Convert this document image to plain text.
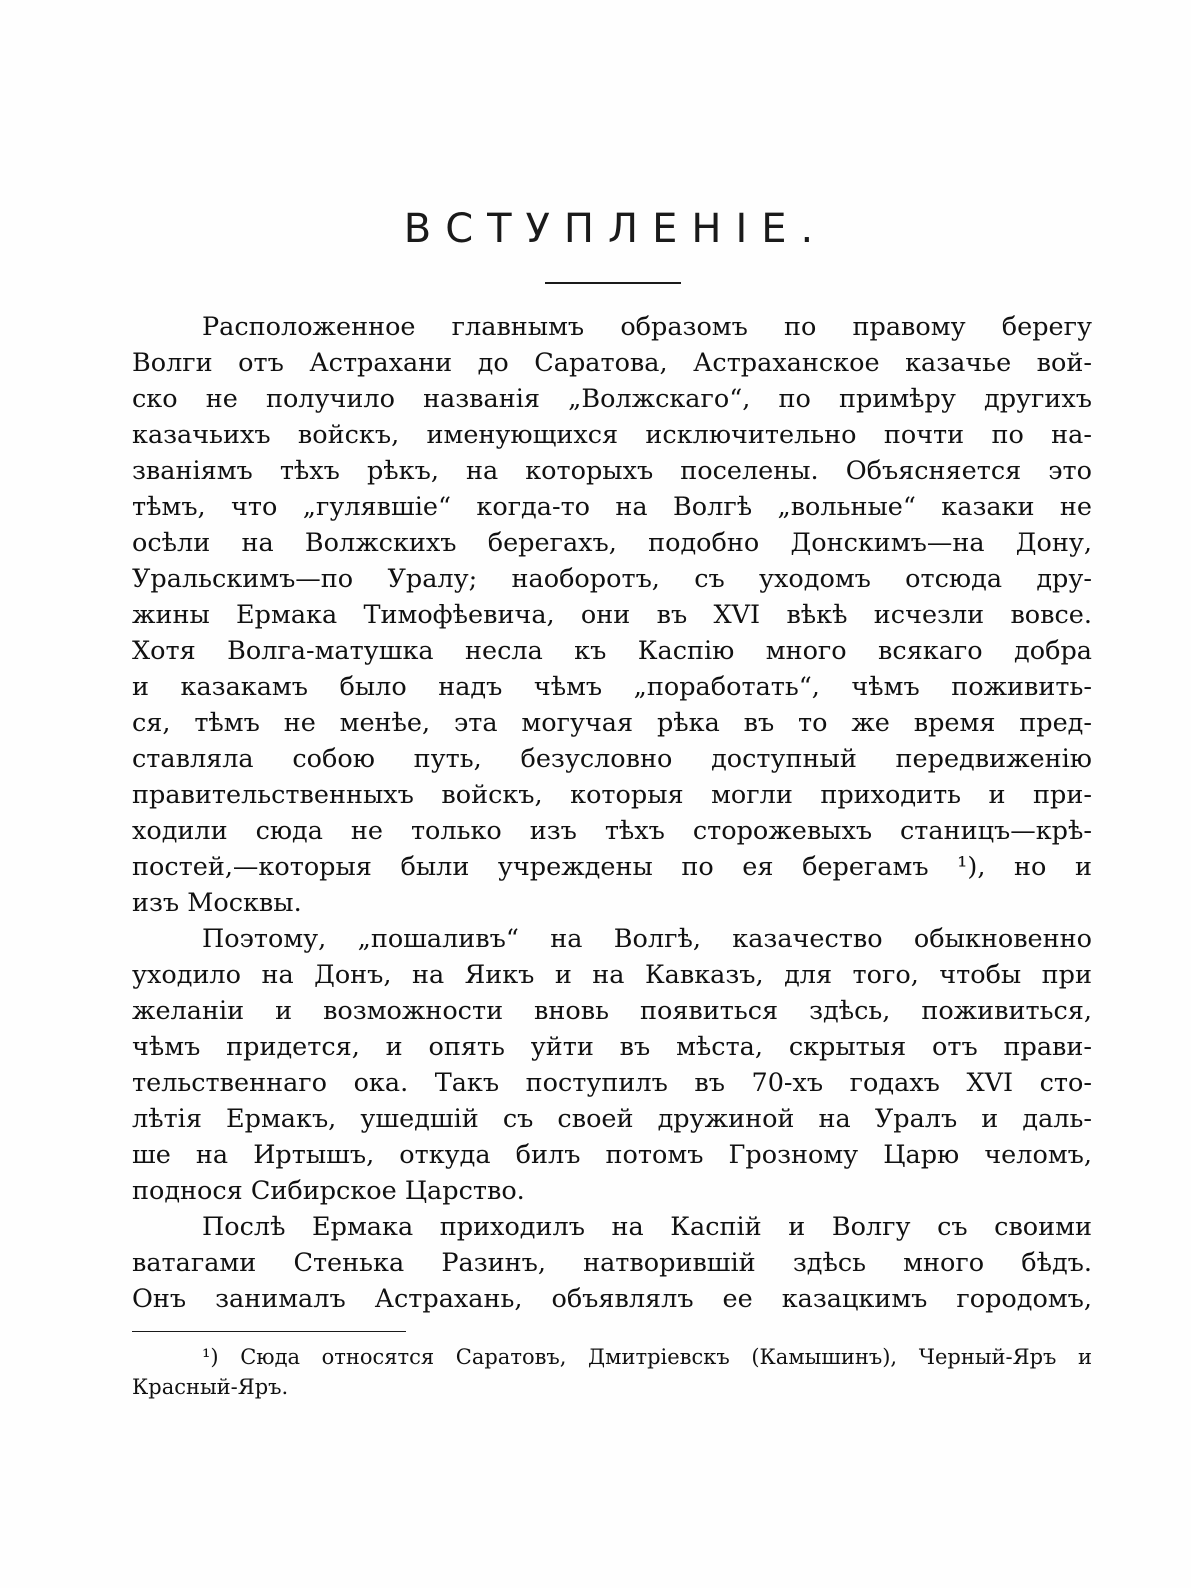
ВСТУПЛЕНІЕ.
Расположенное главнымъ образомъ по правому берегу
Волги отъ Астрахани до Саратова, Астраханское казачье вой-
ско не получило названія „Волжскаго“, по примѣру другихъ
казачьихъ войскъ, именующихся исключительно почти по на-
званіямъ тѣхъ рѣкъ, на которыхъ поселены. Объясняется это
тѣмъ, что „гулявшіе“ когда-то на Волгѣ „вольные“ казаки не
осѣли на Волжскихъ берегахъ, подобно Донскимъ—на Дону,
Уральскимъ—по Уралу; наоборотъ, съ уходомъ отсюда дру-
жины Ермака Тимофѣевича, они въ XVI вѣкѣ исчезли вовсе.
Хотя Волга-матушка несла къ Каспію много всякаго добра
и казакамъ было надъ чѣмъ „поработать“, чѣмъ поживить-
ся, тѣмъ не менѣе, эта могучая рѣка въ то же время пред-
ставляла собою путь, безусловно доступный передвиженію
правительственныхъ войскъ, которыя могли приходить и при-
ходили сюда не только изъ тѣхъ сторожевыхъ станицъ—крѣ-
постей,—которыя были учреждены по ея берегамъ ¹), но и
изъ Москвы.
Поэтому, „пошаливъ“ на Волгѣ, казачество обыкновенно
уходило на Донъ, на Яикъ и на Кавказъ, для того, чтобы при
желаніи и возможности вновь появиться здѣсь, поживиться,
чѣмъ придется, и опять уйти въ мѣста, скрытыя отъ прави-
тельственнаго ока. Такъ поступилъ въ 70-хъ годахъ XVI сто-
лѣтія Ермакъ, ушедшій съ своей дружиной на Уралъ и даль-
ше на Иртышъ, откуда билъ потомъ Грозному Царю челомъ,
поднося Сибирское Царство.
Послѣ Ермака приходилъ на Каспій и Волгу съ своими
ватагами Стенька Разинъ, натворившій здѣсь много бѣдъ.
Онъ занималъ Астрахань, объявлялъ ее казацкимъ городомъ,
¹) Сюда относятся Саратовъ, Дмитріевскъ (Камышинъ), Черный-Яръ и
Красный-Яръ.
